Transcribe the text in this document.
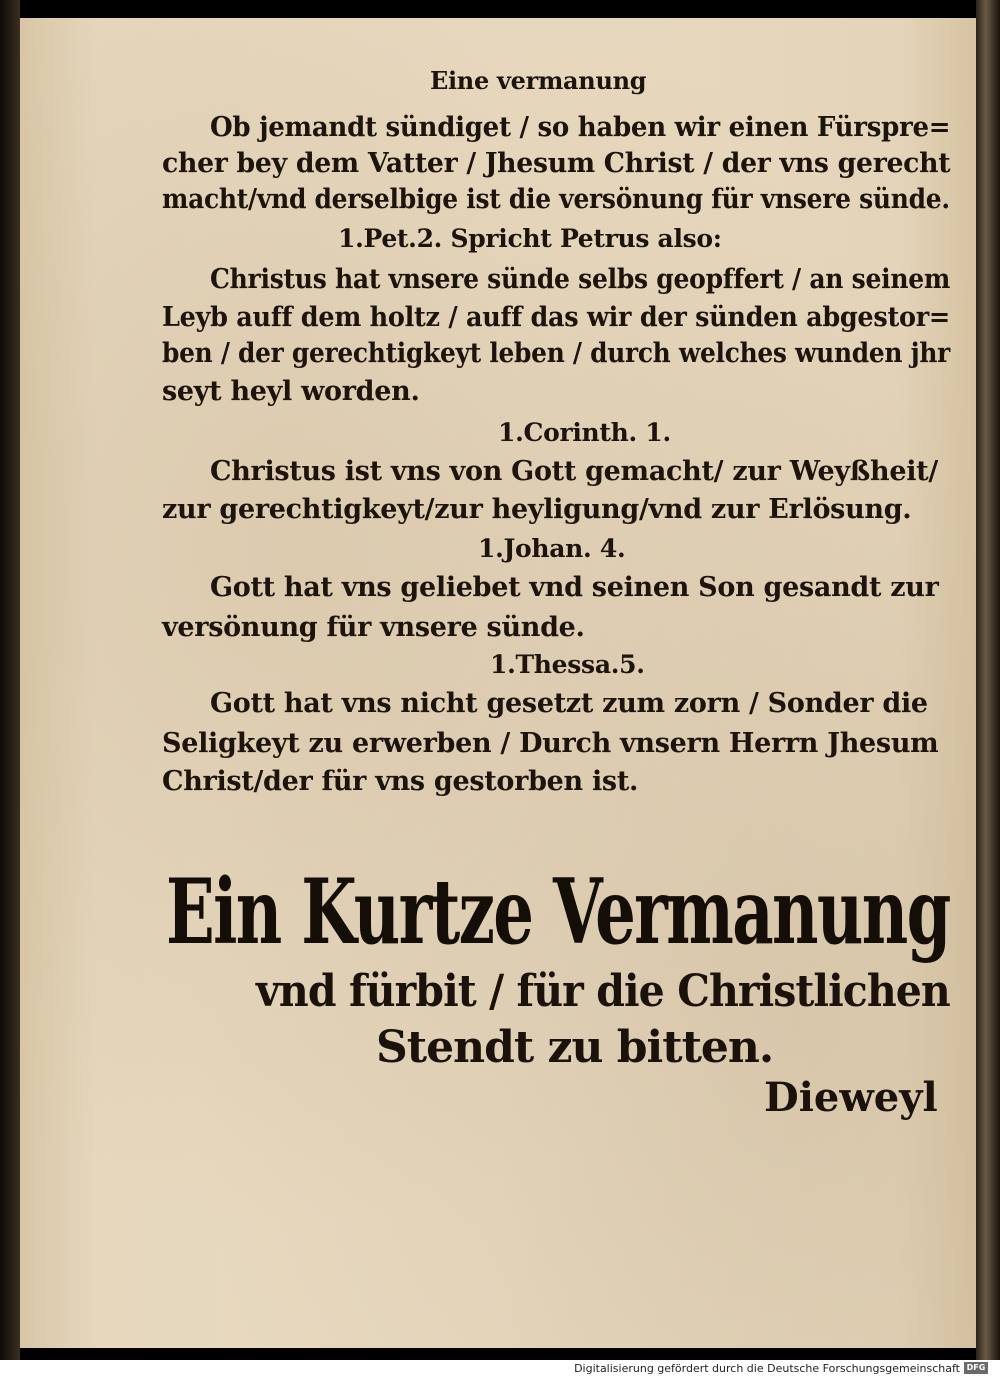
Eine vermanung
Ob jemandt sündiget / so haben wir einen Fürspre=
cher bey dem Vatter / Jhesum Christ / der vns gerecht
macht/vnd derselbige ist die versönung für vnsere sünde.
1.Pet.2. Spricht Petrus also:
Christus hat vnsere sünde selbs geopffert / an seinem
Leyb auff dem holtz / auff das wir der sünden abgestor=
ben / der gerechtigkeyt leben / durch welches wunden jhr
seyt heyl worden.
1.Corinth. 1.
Christus ist vns von Gott gemacht/ zur Weyßheit/
zur gerechtigkeyt/zur heyligung/vnd zur Erlösung.
1.Johan. 4.
Gott hat vns geliebet vnd seinen Son gesandt zur
versönung für vnsere sünde.
1.Thessa.5.
Gott hat vns nicht gesetzt zum zorn / Sonder die
Seligkeyt zu erwerben / Durch vnsern Herrn Jhesum
Christ/der für vns gestorben ist.
Ein Kurtze Vermanung
vnd fürbit / für die Christlichen
Stendt zu bitten.
Dieweyl
Digitalisierung gefördert durch die Deutsche Forschungsgemeinschaft DFG
